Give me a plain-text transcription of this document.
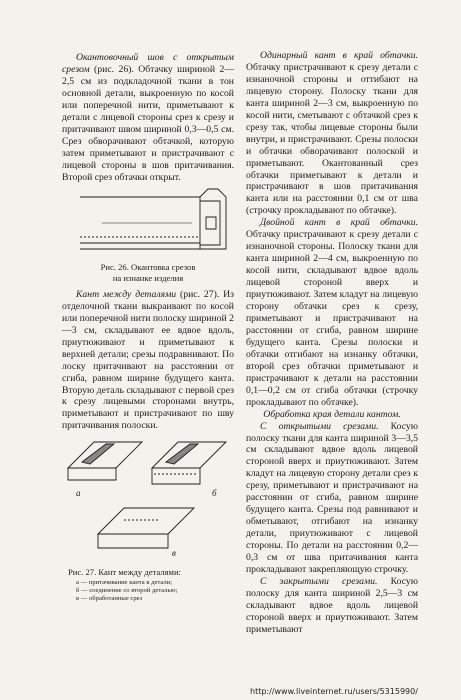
Окантовочный шов с открытым срезом (рис. 26). Обтачку шириной 2—2,5 см из подкладочной ткани в тон основной детали, выкроенную по косой или поперечной нити, приметывают к детали с лицевой стороны срез к срезу и притачивают швом шириной 0,3—0,5 см. Срез обворачивают обтачкой, которую затем приметывают и пристрачивают с лицевой стороны в шов притачивания. Второй срез обтачки открыт.

Рис. 26. Окантовка срезов
на изнанке изделия

Кант между деталями (рис. 27). Из отделочной ткани выкраивают по косой или поперечной нити полоску шириной 2—3 см, складывают ее вдвое вдоль, приутюживают и приметывают к верхней детали; срезы подравнивают. По лоску притачивают на расстоянии от сгиба, равном ширине будущего канта. Вторую деталь складывают с первой срез к срезу лицевыми сторонами внутрь, приметывают и пристрачивают по шву притачивания полоски.

а	б
в
Рис. 27. Кант между деталями:
а — притачивание канта к детали;
б — соединение со второй деталью;
в — обработанные срез

Одинарный кант в край обтачки. Обтачку пристрачивают к срезу детали с изнаночной стороны и оттибают на лицевую сторону. Полоску ткани для канта шириной 2—3 см, выкроенную по косой нити, сметывают с обтачкой срез к срезу так, чтобы лицевые стороны были внутри, и пристрачивают. Срезы полоски и обтачки обворачивают полоской и приметывают. Окантованный срез обтачки приметывают к детали и пристрачивают в шов притачивания канта или на расстоянии 0,1 см от шва (строчку прокладывают по обтачке).

Двойной кант в край обтачки. Обтачку пристрачивают к срезу детали с изнаночной стороны. Полоску ткани для канта шириной 2—4 см, выкроенную по косой нити, складывают вдвое вдоль лицевой стороной вверх и приутюживают. Затем кладут на лицевую сторону обтачки срез к срезу, приметывают и пристрачивают на расстоянии от сгиба, равном ширине будущего канта. Срезы полоски и обтачки отгибают на изнанку обтачки, второй срез обтачки приметывают и пристрачивают к детали на расстоянии 0,1—0,2 см от сгиба обтачки (строчку прокладывают по обтачке).

Обработка края детали кантом.

С открытыми срезами. Косую полоску ткани для канта шириной 3—3,5 см складывают вдвое вдоль лицевой стороной вверх и приутюживают. Затем кладут на лицевую сторону детали срез к срезу, приметывают и пристрачивают на расстоянии от сгиба, равном ширине будущего канта. Срезы под равнивают и обметывают, отгибают на изнанку детали, приутюживают с лицевой стороны. По детали на расстоянии 0,2—0,3 см от шва притачивания канта прокладывают закрепляющую строчку.

С закрытыми срезами. Косую полоску для канта шириной 2,5—3 см складывают вдвое вдоль лицевой стороной вверх и приутюживают. Затем приметывают

http://www.liveinternet.ru/users/5315990/
